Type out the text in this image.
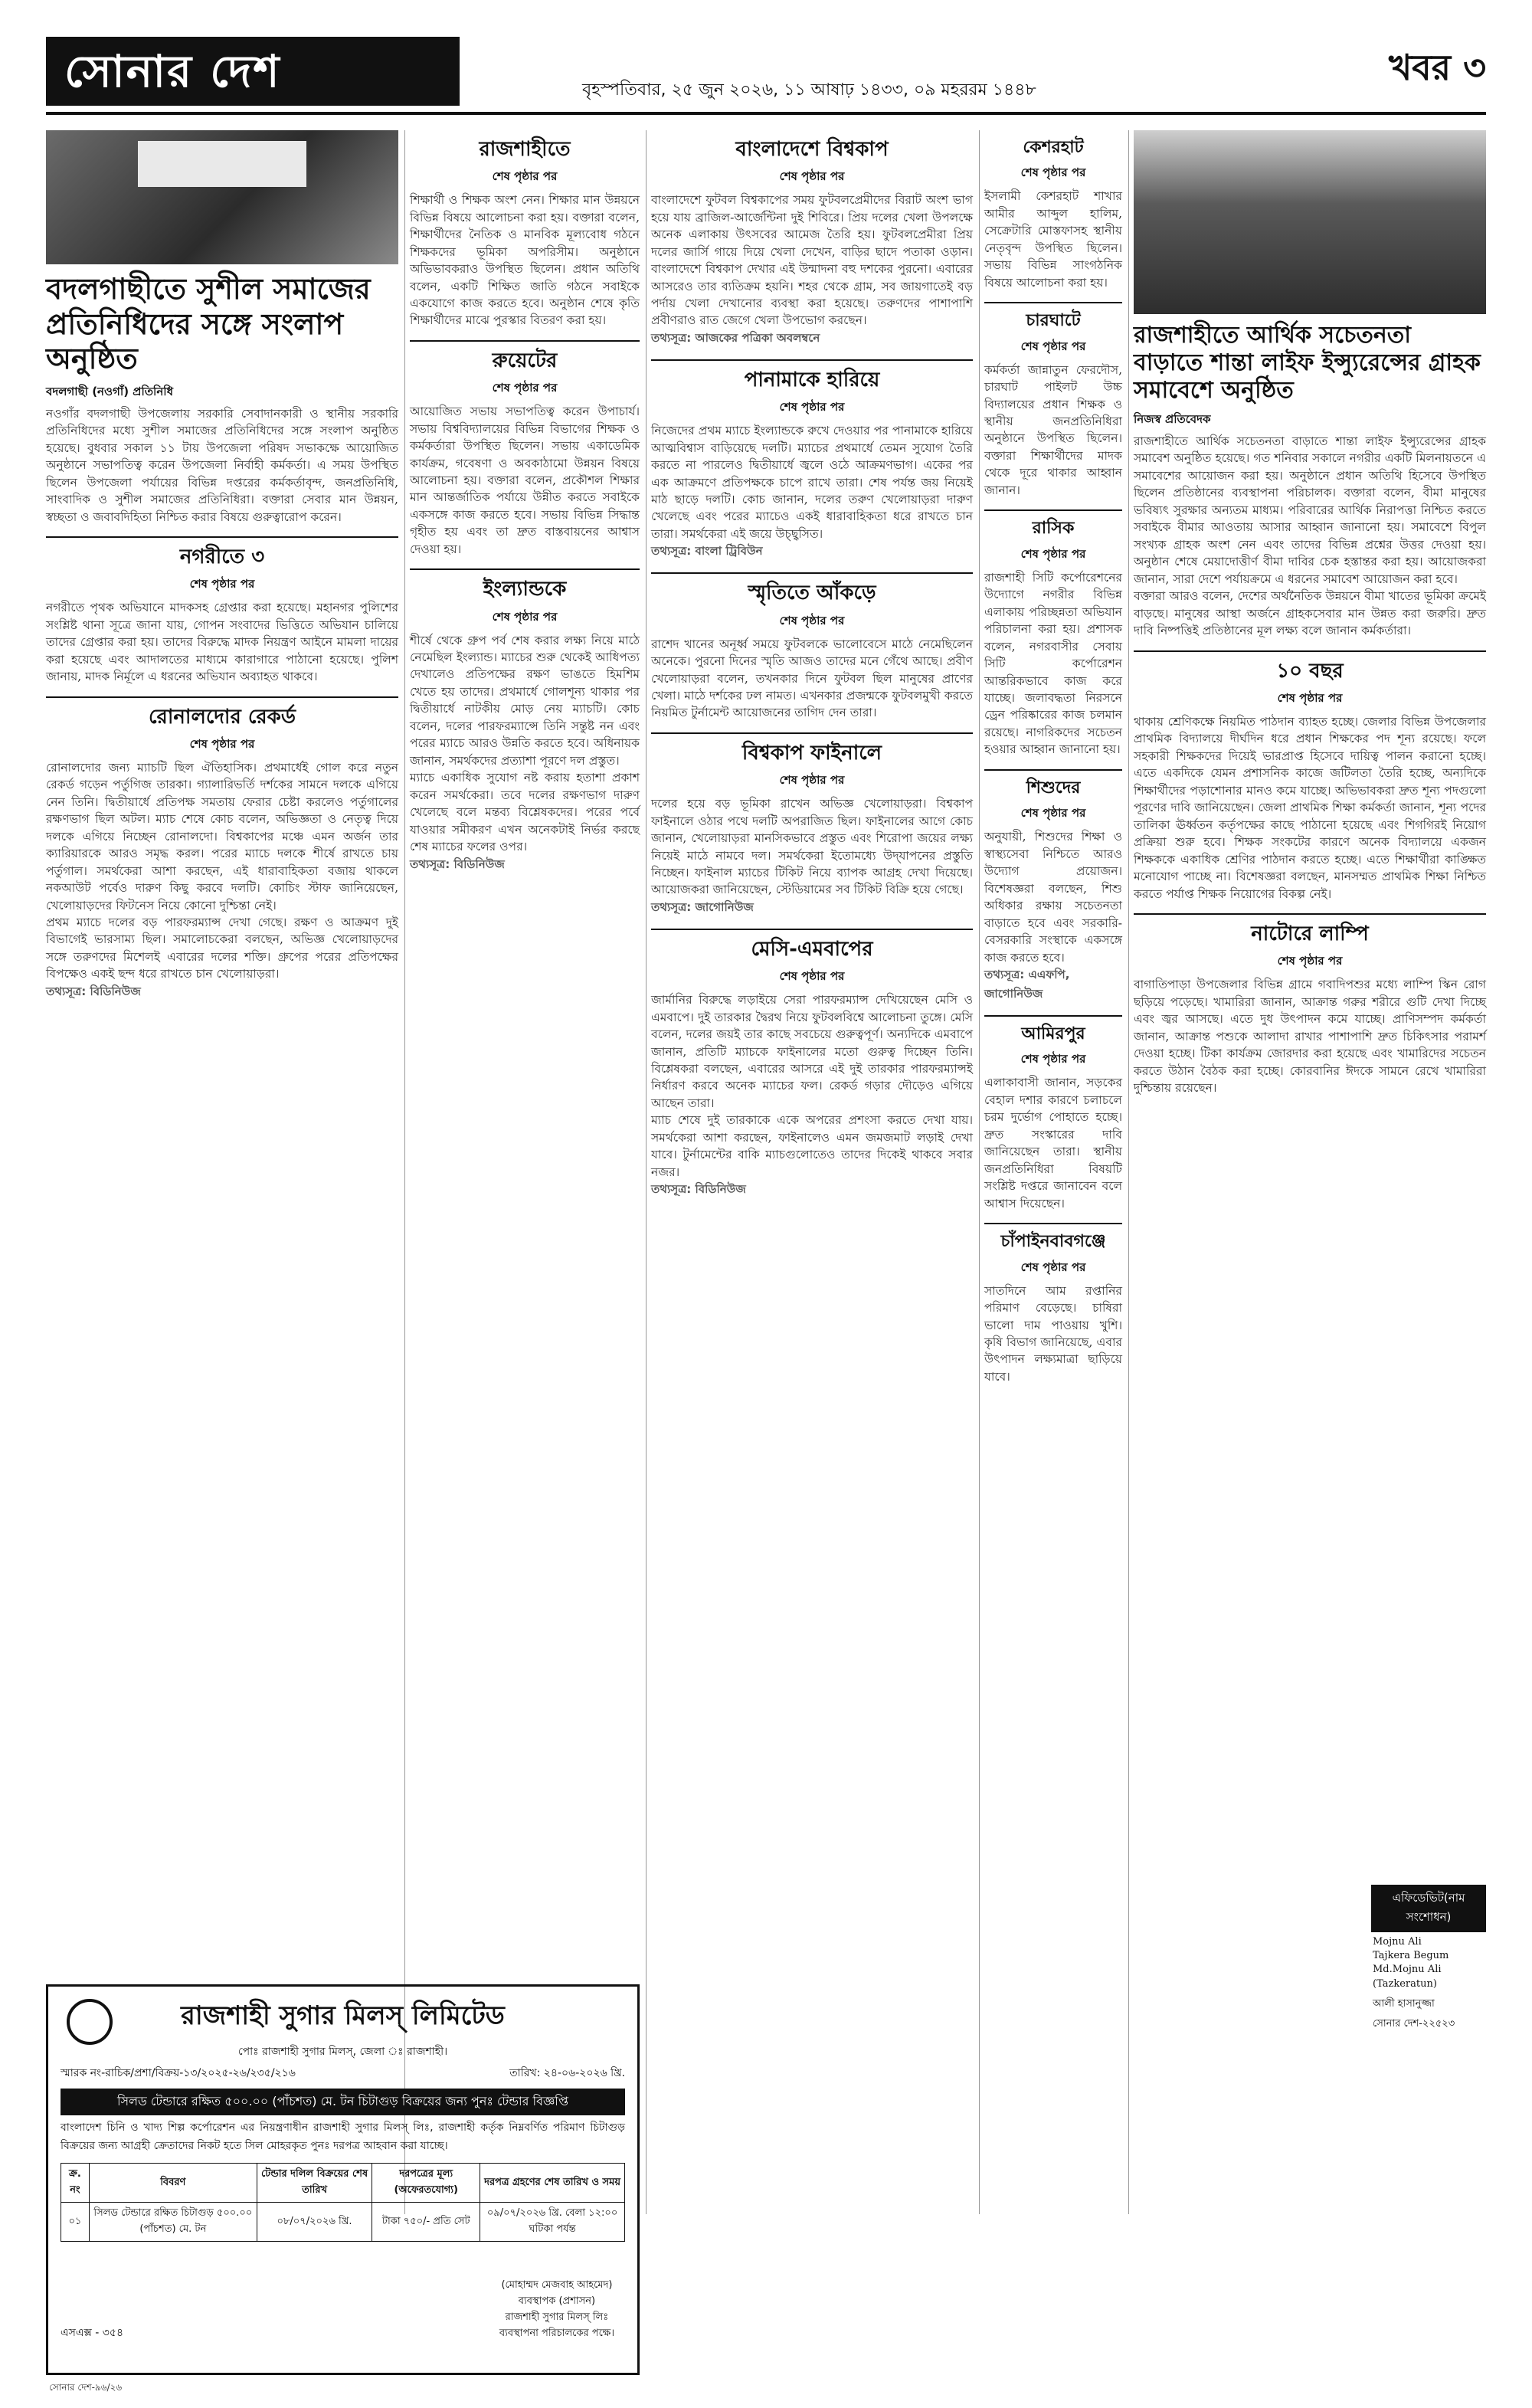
সোনার দেশ	বৃহস্পতিবার, ২৫ জুন ২০২৬, ১১ আষাঢ় ১৪৩৩, ০৯ মহররম ১৪৪৮
খবর ৩
বদলগাছীতে সুশীল সমাজের প্রতিনিধিদের সঙ্গে সংলাপ অনুষ্ঠিত
বদলগাছী (নওগাঁ) প্রতিনিধি

নওগাঁর বদলগাছী উপজেলায় সরকারি সেবাদানকারী ও স্থানীয় সরকারি প্রতিনিধিদের মধ্যে সুশীল সমাজের প্রতিনিধিদের সঙ্গে সংলাপ অনুষ্ঠিত হয়েছে। বুধবার সকাল ১১ টায় উপজেলা পরিষদ সভাকক্ষে আয়োজিত অনুষ্ঠানে সভাপতিত্ব করেন উপজেলা নির্বাহী কর্মকর্তা। এ সময় উপস্থিত ছিলেন উপজেলা পর্যায়ের বিভিন্ন দপ্তরের কর্মকর্তাবৃন্দ, জনপ্রতিনিধি, সাংবাদিক ও সুশীল সমাজের প্রতিনিধিরা। বক্তারা সেবার মান উন্নয়ন, স্বচ্ছতা ও জবাবদিহিতা নিশ্চিত করার বিষয়ে গুরুত্বারোপ করেন।

নগরীতে ৩
শেষ পৃষ্ঠার পর

নগরীতে পৃথক অভিযানে মাদকসহ গ্রেপ্তার করা হয়েছে। মহানগর পুলিশের সংশ্লিষ্ট থানা সূত্রে জানা যায়, গোপন সংবাদের ভিত্তিতে অভিযান চালিয়ে তাদের গ্রেপ্তার করা হয়। তাদের বিরুদ্ধে মাদক নিয়ন্ত্রণ আইনে মামলা দায়ের করা হয়েছে এবং আদালতের মাধ্যমে কারাগারে পাঠানো হয়েছে। পুলিশ জানায়, মাদক নির্মূলে এ ধরনের অভিযান অব্যাহত থাকবে।

রোনালদোর রেকর্ড
শেষ পৃষ্ঠার পর

রোনালদোর জন্য ম্যাচটি ছিল ঐতিহাসিক। প্রথমার্ধেই গোল করে নতুন রেকর্ড গড়েন পর্তুগিজ তারকা। গ্যালারিভর্তি দর্শকের সামনে দলকে এগিয়ে নেন তিনি। দ্বিতীয়ার্ধে প্রতিপক্ষ সমতায় ফেরার চেষ্টা করলেও পর্তুগালের রক্ষণভাগ ছিল অটল। ম্যাচ শেষে কোচ বলেন, অভিজ্ঞতা ও নেতৃত্ব দিয়ে দলকে এগিয়ে নিচ্ছেন রোনালদো। বিশ্বকাপের মঞ্চে এমন অর্জন তার ক্যারিয়ারকে আরও সমৃদ্ধ করল। পরের ম্যাচে দলকে শীর্ষে রাখতে চায় পর্তুগাল। সমর্থকেরা আশা করছেন, এই ধারাবাহিকতা বজায় থাকলে নকআউট পর্বেও দারুণ কিছু করবে দলটি। কোচিং স্টাফ জানিয়েছেন, খেলোয়াড়দের ফিটনেস নিয়ে কোনো দুশ্চিন্তা নেই।

প্রথম ম্যাচে দলের বড় পারফরম্যান্স দেখা গেছে। রক্ষণ ও আক্রমণ দুই বিভাগেই ভারসাম্য ছিল। সমালোচকেরা বলছেন, অভিজ্ঞ খেলোয়াড়দের সঙ্গে তরুণদের মিশেলই এবারের দলের শক্তি। গ্রুপের পরের প্রতিপক্ষের বিপক্ষেও একই ছন্দ ধরে রাখতে চান খেলোয়াড়রা।

তথ্যসূত্র: বিডিনিউজ
রাজশাহীতে
শেষ পৃষ্ঠার পর

শিক্ষার্থী ও শিক্ষক অংশ নেন। শিক্ষার মান উন্নয়নে বিভিন্ন বিষয়ে আলোচনা করা হয়। বক্তারা বলেন, শিক্ষার্থীদের নৈতিক ও মানবিক মূল্যবোধ গঠনে শিক্ষকদের ভূমিকা অপরিসীম। অনুষ্ঠানে অভিভাবকরাও উপস্থিত ছিলেন। প্রধান অতিথি বলেন, একটি শিক্ষিত জাতি গঠনে সবাইকে একযোগে কাজ করতে হবে। অনুষ্ঠান শেষে কৃতি শিক্ষার্থীদের মাঝে পুরস্কার বিতরণ করা হয়।

রুয়েটের
শেষ পৃষ্ঠার পর

আয়োজিত সভায় সভাপতিত্ব করেন উপাচার্য। সভায় বিশ্ববিদ্যালয়ের বিভিন্ন বিভাগের শিক্ষক ও কর্মকর্তারা উপস্থিত ছিলেন। সভায় একাডেমিক কার্যক্রম, গবেষণা ও অবকাঠামো উন্নয়ন বিষয়ে আলোচনা হয়। বক্তারা বলেন, প্রকৌশল শিক্ষার মান আন্তর্জাতিক পর্যায়ে উন্নীত করতে সবাইকে একসঙ্গে কাজ করতে হবে। সভায় বিভিন্ন সিদ্ধান্ত গৃহীত হয় এবং তা দ্রুত বাস্তবায়নের আশ্বাস দেওয়া হয়।

ইংল্যান্ডকে
শেষ পৃষ্ঠার পর

শীর্ষে থেকে গ্রুপ পর্ব শেষ করার লক্ষ্য নিয়ে মাঠে নেমেছিল ইংল্যান্ড। ম্যাচের শুরু থেকেই আধিপত্য দেখালেও প্রতিপক্ষের রক্ষণ ভাঙতে হিমশিম খেতে হয় তাদের। প্রথমার্ধে গোলশূন্য থাকার পর দ্বিতীয়ার্ধে নাটকীয় মোড় নেয় ম্যাচটি। কোচ বলেন, দলের পারফরম্যান্সে তিনি সন্তুষ্ট নন এবং পরের ম্যাচে আরও উন্নতি করতে হবে। অধিনায়ক জানান, সমর্থকদের প্রত্যাশা পূরণে দল প্রস্তুত।

ম্যাচে একাধিক সুযোগ নষ্ট করায় হতাশা প্রকাশ করেন সমর্থকেরা। তবে দলের রক্ষণভাগ দারুণ খেলেছে বলে মন্তব্য বিশ্লেষকদের। পরের পর্বে যাওয়ার সমীকরণ এখন অনেকটাই নির্ভর করছে শেষ ম্যাচের ফলের ওপর।

তথ্যসূত্র: বিডিনিউজ
বাংলাদেশে বিশ্বকাপ
শেষ পৃষ্ঠার পর

বাংলাদেশে ফুটবল বিশ্বকাপের সময় ফুটবলপ্রেমীদের বিরাট অংশ ভাগ হয়ে যায় ব্রাজিল-আর্জেন্টিনা দুই শিবিরে। প্রিয় দলের খেলা উপলক্ষে অনেক এলাকায় উৎসবের আমেজ তৈরি হয়। ফুটবলপ্রেমীরা প্রিয় দলের জার্সি গায়ে দিয়ে খেলা দেখেন, বাড়ির ছাদে পতাকা ওড়ান। বাংলাদেশে বিশ্বকাপ দেখার এই উন্মাদনা বহু দশকের পুরনো। এবারের আসরেও তার ব্যতিক্রম হয়নি। শহর থেকে গ্রাম, সব জায়গাতেই বড় পর্দায় খেলা দেখানোর ব্যবস্থা করা হয়েছে। তরুণদের পাশাপাশি প্রবীণরাও রাত জেগে খেলা উপভোগ করছেন।

তথ্যসূত্র: আজকের পত্রিকা অবলম্বনে
পানামাকে হারিয়ে
শেষ পৃষ্ঠার পর

নিজেদের প্রথম ম্যাচে ইংল্যান্ডকে রুখে দেওয়ার পর পানামাকে হারিয়ে আত্মবিশ্বাস বাড়িয়েছে দলটি। ম্যাচের প্রথমার্ধে তেমন সুযোগ তৈরি করতে না পারলেও দ্বিতীয়ার্ধে জ্বলে ওঠে আক্রমণভাগ। একের পর এক আক্রমণে প্রতিপক্ষকে চাপে রাখে তারা। শেষ পর্যন্ত জয় নিয়েই মাঠ ছাড়ে দলটি। কোচ জানান, দলের তরুণ খেলোয়াড়রা দারুণ খেলেছে এবং পরের ম্যাচেও একই ধারাবাহিকতা ধরে রাখতে চান তারা। সমর্থকেরা এই জয়ে উচ্ছ্বসিত।

তথ্যসূত্র: বাংলা ট্রিবিউন
স্মৃতিতে আঁকড়ে
শেষ পৃষ্ঠার পর

রাশেদ খানের অনূর্ধ্ব সময়ে ফুটবলকে ভালোবেসে মাঠে নেমেছিলেন অনেকে। পুরনো দিনের স্মৃতি আজও তাদের মনে গেঁথে আছে। প্রবীণ খেলোয়াড়রা বলেন, তখনকার দিনে ফুটবল ছিল মানুষের প্রাণের খেলা। মাঠে দর্শকের ঢল নামত। এখনকার প্রজন্মকে ফুটবলমুখী করতে নিয়মিত টুর্নামেন্ট আয়োজনের তাগিদ দেন তারা।

বিশ্বকাপ ফাইনালে
শেষ পৃষ্ঠার পর

দলের হয়ে বড় ভূমিকা রাখেন অভিজ্ঞ খেলোয়াড়রা। বিশ্বকাপ ফাইনালে ওঠার পথে দলটি অপরাজিত ছিল। ফাইনালের আগে কোচ জানান, খেলোয়াড়রা মানসিকভাবে প্রস্তুত এবং শিরোপা জয়ের লক্ষ্য নিয়েই মাঠে নামবে দল। সমর্থকেরা ইতোমধ্যে উদ্‌যাপনের প্রস্তুতি নিচ্ছেন। ফাইনাল ম্যাচের টিকিট নিয়ে ব্যাপক আগ্রহ দেখা দিয়েছে। আয়োজকরা জানিয়েছেন, স্টেডিয়ামের সব টিকিট বিক্রি হয়ে গেছে।

তথ্যসূত্র: জাগোনিউজ
মেসি-এমবাপের
শেষ পৃষ্ঠার পর

জার্মানির বিরুদ্ধে লড়াইয়ে সেরা পারফরম্যান্স দেখিয়েছেন মেসি ও এমবাপে। দুই তারকার দ্বৈরথ নিয়ে ফুটবলবিশ্বে আলোচনা তুঙ্গে। মেসি বলেন, দলের জয়ই তার কাছে সবচেয়ে গুরুত্বপূর্ণ। অন্যদিকে এমবাপে জানান, প্রতিটি ম্যাচকে ফাইনালের মতো গুরুত্ব দিচ্ছেন তিনি। বিশ্লেষকরা বলছেন, এবারের আসরে এই দুই তারকার পারফরম্যান্সই নির্ধারণ করবে অনেক ম্যাচের ফল। রেকর্ড গড়ার দৌড়েও এগিয়ে আছেন তারা।

ম্যাচ শেষে দুই তারকাকে একে অপরের প্রশংসা করতে দেখা যায়। সমর্থকেরা আশা করছেন, ফাইনালেও এমন জমজমাট লড়াই দেখা যাবে। টুর্নামেন্টের বাকি ম্যাচগুলোতেও তাদের দিকেই থাকবে সবার নজর।

তথ্যসূত্র: বিডিনিউজ
কেশরহাট
শেষ পৃষ্ঠার পর

ইসলামী কেশরহাট শাখার আমীর আব্দুল হালিম, সেক্রেটারি মোস্তফাসহ স্থানীয় নেতৃবৃন্দ উপস্থিত ছিলেন। সভায় বিভিন্ন সাংগঠনিক বিষয়ে আলোচনা করা হয়।

চারঘাটে
শেষ পৃষ্ঠার পর

কর্মকর্তা জান্নাতুন ফেরদৌস, চারঘাট পাইলট উচ্চ বিদ্যালয়ের প্রধান শিক্ষক ও স্থানীয় জনপ্রতিনিধিরা অনুষ্ঠানে উপস্থিত ছিলেন। বক্তারা শিক্ষার্থীদের মাদক থেকে দূরে থাকার আহ্বান জানান।

রাসিক
শেষ পৃষ্ঠার পর

রাজশাহী সিটি কর্পোরেশনের উদ্যোগে নগরীর বিভিন্ন এলাকায় পরিচ্ছন্নতা অভিযান পরিচালনা করা হয়। প্রশাসক বলেন, নগরবাসীর সেবায় সিটি কর্পোরেশন আন্তরিকভাবে কাজ করে যাচ্ছে। জলাবদ্ধতা নিরসনে ড্রেন পরিষ্কারের কাজ চলমান রয়েছে। নাগরিকদের সচেতন হওয়ার আহ্বান জানানো হয়।

শিশুদের
শেষ পৃষ্ঠার পর

অনুযায়ী, শিশুদের শিক্ষা ও স্বাস্থ্যসেবা নিশ্চিতে আরও উদ্যোগ প্রয়োজন। বিশেষজ্ঞরা বলছেন, শিশু অধিকার রক্ষায় সচেতনতা বাড়াতে হবে এবং সরকারি-বেসরকারি সংস্থাকে একসঙ্গে কাজ করতে হবে।

তথ্যসূত্র: এএফপি, জাগোনিউজ
আমিরপুর
শেষ পৃষ্ঠার পর

এলাকাবাসী জানান, সড়কের বেহাল দশার কারণে চলাচলে চরম দুর্ভোগ পোহাতে হচ্ছে। দ্রুত সংস্কারের দাবি জানিয়েছেন তারা। স্থানীয় জনপ্রতিনিধিরা বিষয়টি সংশ্লিষ্ট দপ্তরে জানাবেন বলে আশ্বাস দিয়েছেন।

চাঁপাইনবাবগঞ্জে
শেষ পৃষ্ঠার পর

সাতদিনে আম রপ্তানির পরিমাণ বেড়েছে। চাষিরা ভালো দাম পাওয়ায় খুশি। কৃষি বিভাগ জানিয়েছে, এবার উৎপাদন লক্ষ্যমাত্রা ছাড়িয়ে যাবে।

রাজশাহীতে আর্থিক সচেতনতা বাড়াতে শান্তা লাইফ ইন্স্যুরেন্সের গ্রাহক সমাবেশে অনুষ্ঠিত
নিজস্ব প্রতিবেদক

রাজশাহীতে আর্থিক সচেতনতা বাড়াতে শান্তা লাইফ ইন্স্যুরেন্সের গ্রাহক সমাবেশ অনুষ্ঠিত হয়েছে। গত শনিবার সকালে নগরীর একটি মিলনায়তনে এ সমাবেশের আয়োজন করা হয়। অনুষ্ঠানে প্রধান অতিথি হিসেবে উপস্থিত ছিলেন প্রতিষ্ঠানের ব্যবস্থাপনা পরিচালক। বক্তারা বলেন, বীমা মানুষের ভবিষ্যৎ সুরক্ষার অন্যতম মাধ্যম। পরিবারের আর্থিক নিরাপত্তা নিশ্চিত করতে সবাইকে বীমার আওতায় আসার আহ্বান জানানো হয়। সমাবেশে বিপুল সংখ্যক গ্রাহক অংশ নেন এবং তাদের বিভিন্ন প্রশ্নের উত্তর দেওয়া হয়। অনুষ্ঠান শেষে মেয়াদোত্তীর্ণ বীমা দাবির চেক হস্তান্তর করা হয়। আয়োজকরা জানান, সারা দেশে পর্যায়ক্রমে এ ধরনের সমাবেশ আয়োজন করা হবে।

বক্তারা আরও বলেন, দেশের অর্থনৈতিক উন্নয়নে বীমা খাতের ভূমিকা ক্রমেই বাড়ছে। মানুষের আস্থা অর্জনে গ্রাহকসেবার মান উন্নত করা জরুরি। দ্রুত দাবি নিষ্পত্তিই প্রতিষ্ঠানের মূল লক্ষ্য বলে জানান কর্মকর্তারা।

১০ বছর
শেষ পৃষ্ঠার পর

থাকায় শ্রেণিকক্ষে নিয়মিত পাঠদান ব্যাহত হচ্ছে। জেলার বিভিন্ন উপজেলার প্রাথমিক বিদ্যালয়ে দীর্ঘদিন ধরে প্রধান শিক্ষকের পদ শূন্য রয়েছে। ফলে সহকারী শিক্ষকদের দিয়েই ভারপ্রাপ্ত হিসেবে দায়িত্ব পালন করানো হচ্ছে। এতে একদিকে যেমন প্রশাসনিক কাজে জটিলতা তৈরি হচ্ছে, অন্যদিকে শিক্ষার্থীদের পড়াশোনার মানও কমে যাচ্ছে। অভিভাবকরা দ্রুত শূন্য পদগুলো পূরণের দাবি জানিয়েছেন। জেলা প্রাথমিক শিক্ষা কর্মকর্তা জানান, শূন্য পদের তালিকা ঊর্ধ্বতন কর্তৃপক্ষের কাছে পাঠানো হয়েছে এবং শিগগিরই নিয়োগ প্রক্রিয়া শুরু হবে। শিক্ষক সংকটের কারণে অনেক বিদ্যালয়ে একজন শিক্ষককে একাধিক শ্রেণির পাঠদান করতে হচ্ছে। এতে শিক্ষার্থীরা কাঙ্ক্ষিত মনোযোগ পাচ্ছে না। বিশেষজ্ঞরা বলছেন, মানসম্মত প্রাথমিক শিক্ষা নিশ্চিত করতে পর্যাপ্ত শিক্ষক নিয়োগের বিকল্প নেই।

নাটোরে লাম্পি
শেষ পৃষ্ঠার পর

বাগাতিপাড়া উপজেলার বিভিন্ন গ্রামে গবাদিপশুর মধ্যে লাম্পি স্কিন রোগ ছড়িয়ে পড়েছে। খামারিরা জানান, আক্রান্ত গরুর শরীরে গুটি দেখা দিচ্ছে এবং জ্বর আসছে। এতে দুধ উৎপাদন কমে যাচ্ছে। প্রাণিসম্পদ কর্মকর্তা জানান, আক্রান্ত পশুকে আলাদা রাখার পাশাপাশি দ্রুত চিকিৎসার পরামর্শ দেওয়া হচ্ছে। টিকা কার্যক্রম জোরদার করা হয়েছে এবং খামারিদের সচেতন করতে উঠান বৈঠক করা হচ্ছে। কোরবানির ঈদকে সামনে রেখে খামারিরা দুশ্চিন্তায় রয়েছেন।

রাজশাহী সুগার মিলস্ লিমিটেড
পোঃ রাজশাহী সুগার মিলস্, জেলা ঃ রাজশাহী।
স্মারক নং-রাচিক/প্রশা/বিক্রয়-১৩/২০২৫-২৬/২৩৫/২১৬	তারিখ: ২৪-০৬-২০২৬ খ্রি.
সিলড টেন্ডারে রক্ষিত ৫০০.০০ (পাঁচশত) মে. টন চিটাগুড় বিক্রয়ের জন্য পুনঃ টেন্ডার বিজ্ঞপ্তি
বাংলাদেশ চিনি ও খাদ্য শিল্প কর্পোরেশন এর নিয়ন্ত্রণাধীন রাজশাহী সুগার মিলস্ লিঃ, রাজশাহী কর্তৃক নিম্নবর্ণিত পরিমাণ চিটাগুড় বিক্রয়ের জন্য আগ্রহী ক্রেতাদের নিকট হতে সিল মোহরকৃত পুনঃ দরপত্র আহবান করা যাচ্ছে।
ক্র. নং	বিবরণ	টেন্ডার দলিল বিক্রয়ের শেষ তারিখ	দরপত্রের মূল্য (অফেরতযোগ্য)	দরপত্র গ্রহণের শেষ তারিখ ও সময়
০১	সিলড টেন্ডারে রক্ষিত চিটাগুড় ৫০০.০০ (পাঁচশত) মে. টন	০৮/০৭/২০২৬ খ্রি.	টাকা ৭৫০/- প্রতি সেট	০৯/০৭/২০২৬ খ্রি. বেলা ১২:০০ ঘটিকা পর্যন্ত
এসএক্স - ৩৫৪
(মোহাম্মদ মেজবাহ আহমেদ)
ব্যবস্থাপক (প্রশাসন)
রাজশাহী সুগার মিলস্ লিঃ
ব্যবস্থাপনা পরিচালকের পক্ষে।
সোনার দেশ-৯৬/২৬
এফিডেভিট(নাম সংশোধন)
Mojnu Ali
Tajkera Begum
Md.Mojnu Ali
(Tazkeratun)
আলী হাসানুজ্জা
সোনার দেশ-২২৫২৩
